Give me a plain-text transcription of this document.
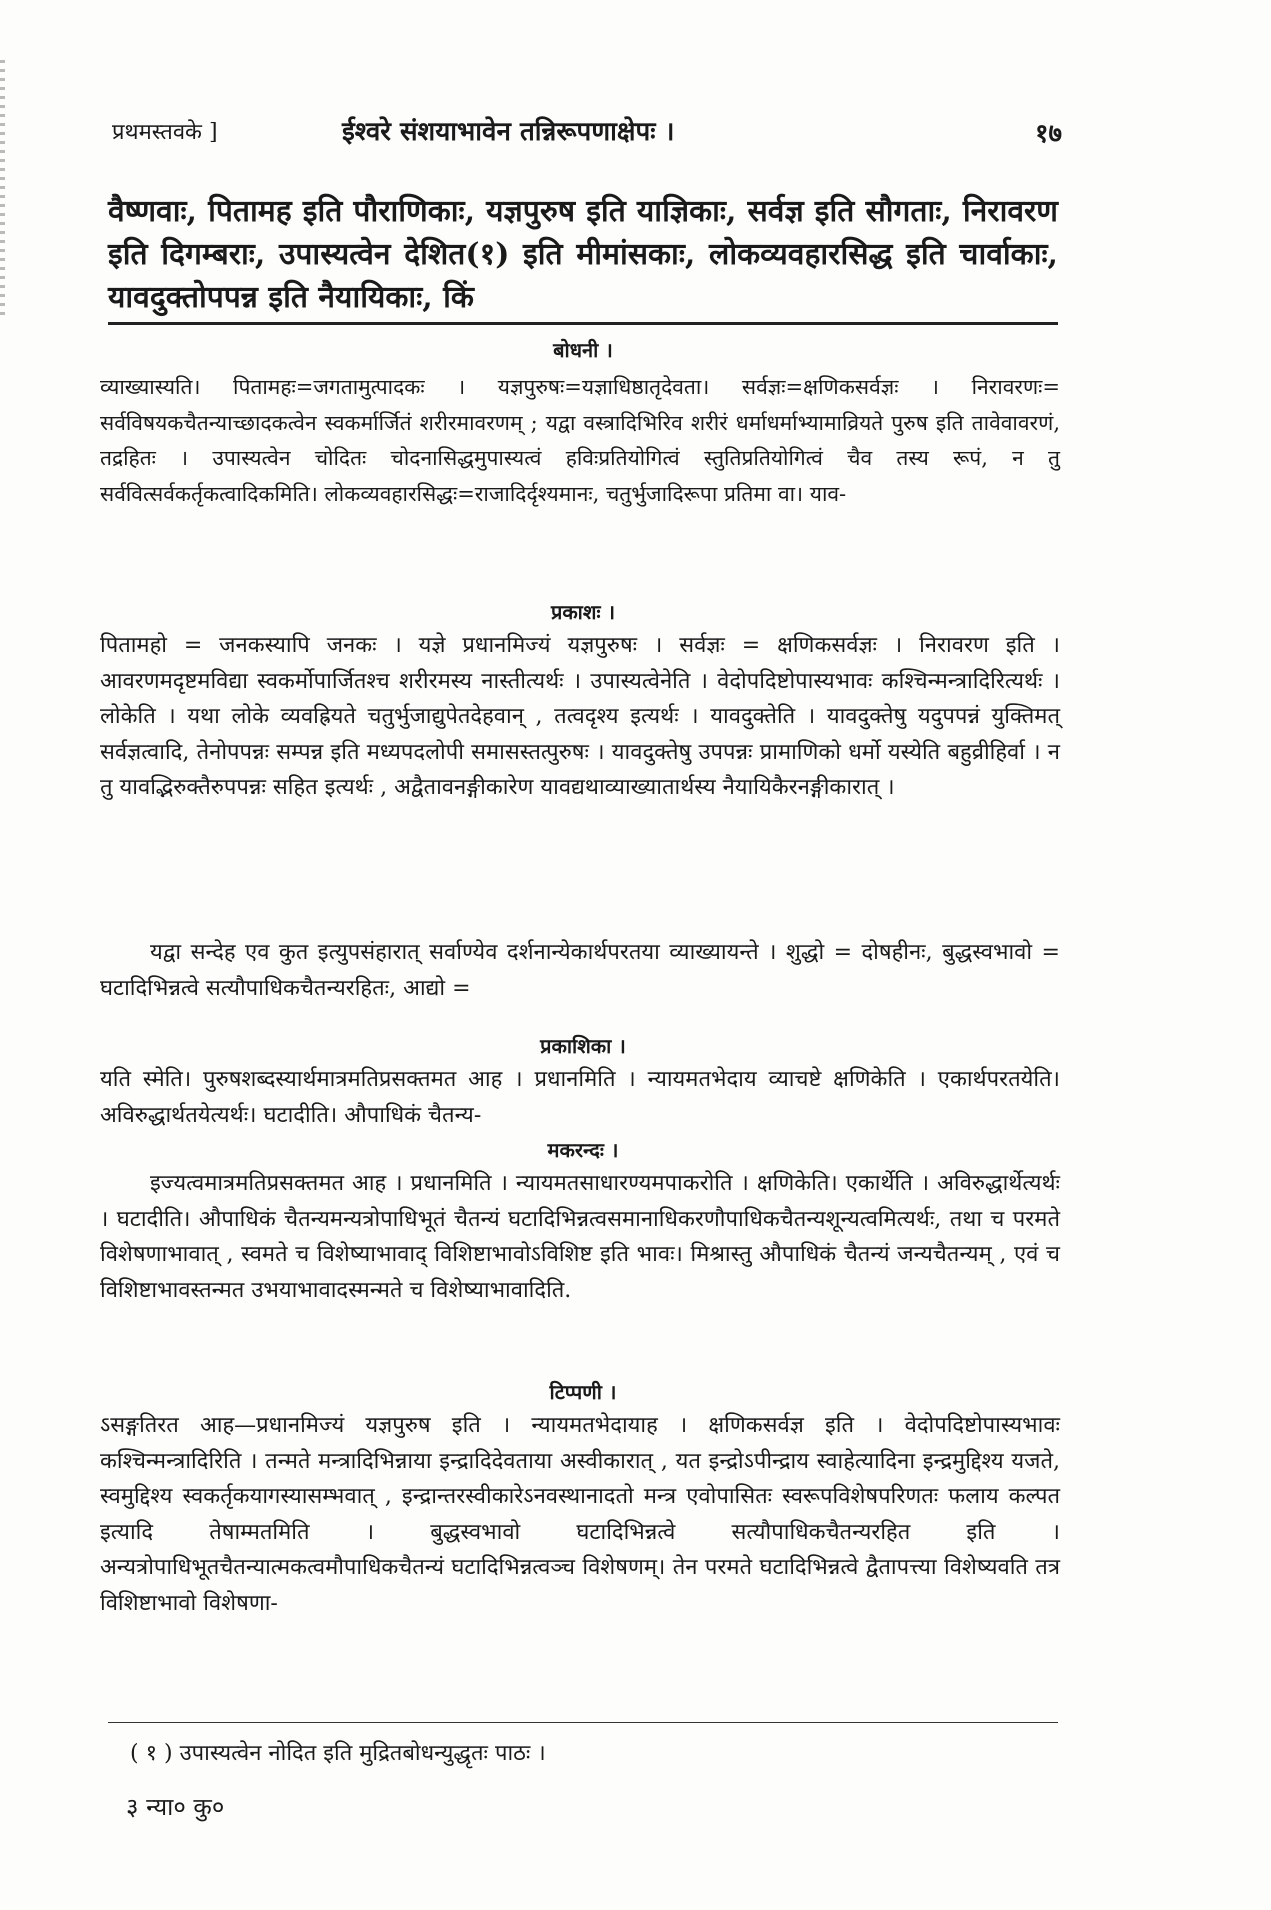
प्रथमस्तवके ]	ईश्वरे संशयाभावेन तन्निरूपणाक्षेपः ।	१७
वैष्णवाः, पितामह इति पौराणिकाः, यज्ञपुरुष इति याज्ञिकाः, सर्वज्ञ इति सौगताः, निरावरण इति दिगम्बराः, उपास्यत्वेन देशित(१) इति मीमांसकाः, लोकव्यवहारसिद्ध इति चार्वाकाः, यावदुक्तोपपन्न इति नैयायिकाः, किं
बोधनी ।
व्याख्यास्यति। पितामहः=जगतामुत्पादकः । यज्ञपुरुषः=यज्ञाधिष्ठातृदेवता। सर्वज्ञः=क्षणिकसर्वज्ञः । निरावरणः= सर्वविषयकचैतन्याच्छादकत्वेन स्वकर्मार्जितं शरीरमावरणम् ; यद्वा वस्त्रादिभिरिव शरीरं धर्माधर्माभ्यामाव्रियते पुरुष इति तावेवावरणं, तद्रहितः । उपास्यत्वेन चोदितः चोदनासिद्धमुपास्यत्वं हविःप्रतियोगित्वं स्तुतिप्रतियोगित्वं चैव तस्य रूपं, न तु सर्ववित्सर्वकर्तृकत्वादिकमिति। लोकव्यवहारसिद्धः=राजादिर्दृश्यमानः, चतुर्भुजादिरूपा प्रतिमा वा। याव-
प्रकाशः ।
पितामहो = जनकस्यापि जनकः । यज्ञे प्रधानमिज्यं यज्ञपुरुषः । सर्वज्ञः = क्षणिकसर्वज्ञः । निरावरण इति । आवरणमदृष्टमविद्या स्वकर्मोपार्जितश्च शरीरमस्य नास्तीत्यर्थः । उपास्यत्वेनेति । वेदोपदिष्टोपास्यभावः कश्चिन्मन्त्रादिरित्यर्थः । लोकेति । यथा लोके व्यवह्रियते चतुर्भुजाद्युपेतदेहवान् , तत्वदृश्य इत्यर्थः । यावदुक्तेति । यावदुक्तेषु यदुपपन्नं युक्तिमत् सर्वज्ञत्वादि, तेनोपपन्नः सम्पन्न इति मध्यपदलोपी समासस्तत्पुरुषः । यावदुक्तेषु उपपन्नः प्रामाणिको धर्मो यस्येति बहुव्रीहिर्वा । न तु यावद्भिरुक्तैरुपपन्नः सहित इत्यर्थः , अद्वैतावनङ्गीकारेण यावद्यथाव्याख्यातार्थस्य नैयायिकैरनङ्गीकारात् ।
यद्वा सन्देह एव कुत इत्युपसंहारात् सर्वाण्येव दर्शनान्येकार्थपरतया व्याख्यायन्ते । शुद्धो = दोषहीनः, बुद्धस्वभावो = घटादिभिन्नत्वे सत्यौपाधिकचैतन्यरहितः, आद्यो =
प्रकाशिका ।
यति स्मेति। पुरुषशब्दस्यार्थमात्रमतिप्रसक्तमत आह । प्रधानमिति । न्यायमतभेदाय व्याचष्टे क्षणिकेति । एकार्थपरतयेति। अविरुद्धार्थतयेत्यर्थः। घटादीति। औपाधिकं चैतन्य-
मकरन्दः ।
इज्यत्वमात्रमतिप्रसक्तमत आह । प्रधानमिति । न्यायमतसाधारण्यमपाकरोति । क्षणिकेति। एकार्थेति । अविरुद्धार्थेत्यर्थः । घटादीति। औपाधिकं चैतन्यमन्यत्रोपाधिभूतं चैतन्यं घटादिभिन्नत्वसमानाधिकरणौपाधिकचैतन्यशून्यत्वमित्यर्थः, तथा च परमते विशेषणाभावात् , स्वमते च विशेष्याभावाद् विशिष्टाभावोऽविशिष्ट इति भावः। मिश्रास्तु औपाधिकं चैतन्यं जन्यचैतन्यम् , एवं च विशिष्टाभावस्तन्मत उभयाभावादस्मन्मते च विशेष्याभावादिति.
टिप्पणी ।
ऽसङ्गतिरत आह—प्रधानमिज्यं यज्ञपुरुष इति । न्यायमतभेदायाह । क्षणिकसर्वज्ञ इति । वेदोपदिष्टोपास्यभावः कश्चिन्मन्त्रादिरिति । तन्मते मन्त्रादिभिन्नाया इन्द्रादिदेवताया अस्वीकारात् , यत इन्द्रोऽपीन्द्राय स्वाहेत्यादिना इन्द्रमुद्दिश्य यजते, स्वमुद्दिश्य स्वकर्तृकयागस्यासम्भवात् , इन्द्रान्तरस्वीकारेऽनवस्थानादतो मन्त्र एवोपासितः स्वरूपविशेषपरिणतः फलाय कल्पत इत्यादि तेषाम्मतमिति । बुद्धस्वभावो घटादिभिन्नत्वे सत्यौपाधिकचैतन्यरहित इति । अन्यत्रोपाधिभूतचैतन्यात्मकत्वमौपाधिकचैतन्यं घटादिभिन्नत्वञ्च विशेषणम्। तेन परमते घटादिभिन्नत्वे द्वैतापत्त्या विशेष्यवति तत्र विशिष्टाभावो विशेषणा-
( १ ) उपास्यत्वेन नोदित इति मुद्रितबोधन्युद्धृतः पाठः ।
३ न्या० कु०
